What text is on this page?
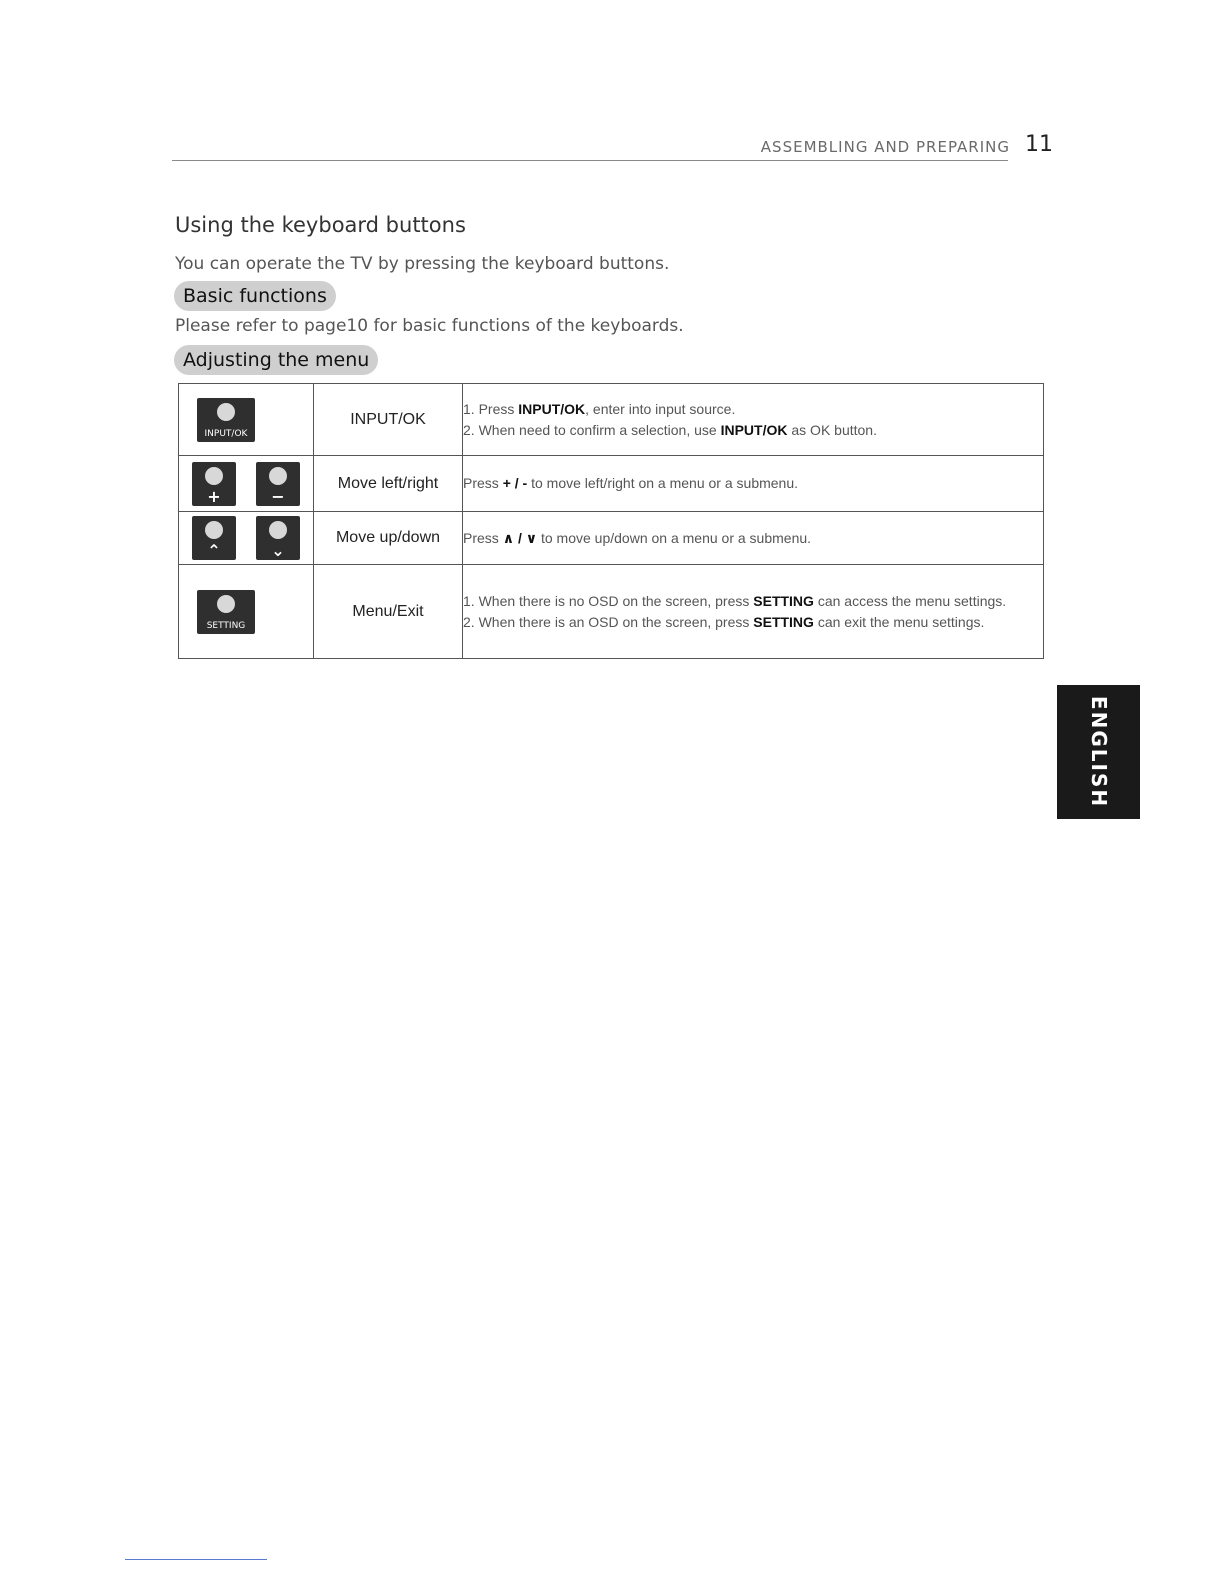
ASSEMBLING AND PREPARING 11
Using the keyboard buttons
You can operate the TV by pressing the keyboard buttons.
Basic functions
Please refer to page10 for basic functions of the keyboards.
Adjusting the menu
INPUT/OK	INPUT/OK	1. Press INPUT/OK, enter into input source.
2. When need to confirm a selection, use INPUT/OK as OK button.

+ −	Move left/right	Press + / - to move left/right on a menu or a submenu.

⌃ ⌄	Move up/down	Press ∧ / ∨ to move up/down on a menu or a submenu.

SETTING	Menu/Exit	1. When there is no OSD on the screen, press SETTING can access the menu settings.
2. When there is an OSD on the screen, press SETTING can exit the menu settings.
ENGLISH
